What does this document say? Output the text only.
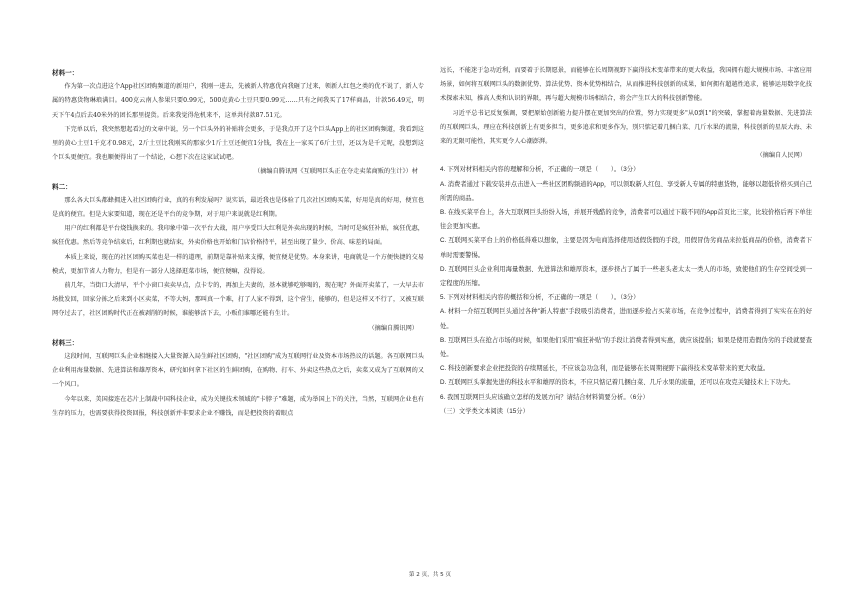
材料一：

作为第一次点进这个App社区团购频道的新用户，我刚一进去，先被新人特惠优向我砸了过来，领新人红包之类的优不说了，新人专属的特惠货物琳琅满目。400克云南人参果只要0.99元，500克黄心土豆只要0.99元……只有之间我买了17样商品，计款56.49元，明天下午4点后去40米外的团长那里提货。后来我觉得危机来不，这单共付款87.51元。

下完单以后，我突然想起看过的文章中说，另一个巨头外的补贴将会更多，于是我点开了这个巨头App上的社区团购频道，我看到这里的黄心土豆1千克才0.98元，2斤土豆比我刚买的那家少1斤土豆还便宜1分钱，我在上一家买了6斤土豆，还以为是千元呢，没想到这个巨头更便宜。我也顺便得出了一个结论，心想下次在这家试试吧。

（摘编自腾讯网《互联网巨头正在夺走卖菜商贩的生计》）材

料二：

那么各大巨头都蜂拥进入社区团购行业，真的有利发展吗？说实话，最近我也是体验了几次社区团购买菜，好用是真的好用，便宜也是真的便宜。但是大家要知道，现在还是平台的竞争期，对于用户来说就是红利期。

用户的红利都是平台烧钱换来的。我印象中第一次平台大战，用户享受巨大红利是外卖出现的时候，当时可是疯狂补贴，疯狂优惠，疯狂优惠。然后等竞争结束后，红利期也就结束，外卖价格也开始和门店价格持平，甚至出现了量少、价高、味差的局面。

本质上来说，现在的社区团购买菜也是一样的道理，前期是靠补贴来支撑，便宜便是优势。本身来讲，电商就是一个方便快捷的交易模式，更加节省人力物力，但是有一部分人选择逛菜市场，便宜便嘛，没得说。

前几年，当街口大清早，平个小窗口卖卖早点，点卡专的，再加上夫妻的，基本就够吃够喝的，现在呢？外面开卖菜了，一大早去市场批发回，回家分拣之后来到小区卖菜，不等大妈，那叫真一个难，打了人家不得到，这个营生，能够的，但是这样又不行了，又被互联网夺过去了，社区团购时代正在被剥削的时候，谁能够活下去，小贩们谁哪还能有生计。

（摘编自腾讯网）

材料三：

这段时间，互联网巨头企业相继接入大量资源入局生鲜社区团购，"社区团购"成为互联网行业及资本市场热议的话题。各互联网巨头企业利用海量数据、先进算法和雄厚资本，研究如何拿下社区的生鲜团购，在购物、打车、外卖这些热点之后，卖菜又成为了互联网的又一个风口。

今年以来，美国接连在芯片上制裁中国科技企业，成为关键技术领域的"卡脖子"难题，成为举国上下的关注，当然，互联网企业也有生存的压力，也需要获得投资回报，科技创新并非要求企业不赚钱，而是把投资的着眼点

远长，不能迷于急功近利，而要着于长期愿景，而能够在长周期视野下赢得技术变革带来的更大收益，我国拥有超大规模市场、丰富应用场景，如何将互联网巨头的数据优势、算法优势、资本优势相结合，从而推进科技创新的成果，如何拥有超越性追求，能够运用数字化技术探索未知，推高人类和认识的界限，再与超大规模市场相结合，将会产生巨大的科技创新警能。

习近平总书记反复强调，要把原始创新能力提升摆在更加突出的位置，努力实现更多"从0到1"的突破，掌握着海量数据、先进算法的互联网巨头，理应在科技创新上有更多担当，更多追求和更多作为，别只惦记着几捆白菜、几斤水果的流量，科技创新的星辰大海、未来的无限可能性，其实更令人心潮澎湃。

（摘编自人民网）

4. 下列对材料相关内容的理解和分析，不正确的一项是（　　）。（3分）

A. 消费者通过下载安装并点击进入一些社区团购频道的App，可以领取新人红包、享受新人专属的特惠货物，能够以超低价格买到自己所需的商品。

B. 在线买菜平台上，各大互联网巨头纷纷入场，并展开残酷的竞争，消费者可以通过下载不同的App首页比三家，比较价格后再下单往往会更加实惠。

C. 互联网买菜平台上的价格低得难以想象，主要是因为电商选择使用适假货假的手段，用假冒伪劣商品来拉低商品的价格，消费者下单时需要警惕。

D. 互联网巨头企业利用海量数据、先进算法和雄厚资本，逐步挤占了属于一些老头老太太一类人的市场，致使他们的生存空间受到一定程度的压缩。

5. 下列对材料相关内容的概括和分析，不正确的一项是（　　）。（3分）

A. 材料一介绍互联网巨头通过各种"新人特惠"手段吸引消费者，进而逐步抢占买菜市场，在竞争过程中，消费者得到了实实在在的好处。

B. 互联网巨头在抢占市场的时候，如果他们采用"疯狂补贴"的手段让消费者得到实惠，就应该提倡；如果是使用造假伪劣的手段就要查处。

C. 科技创新要求企业把投资的存续期延长，不应该急功急利，而是能够在长周期视野下赢得技术变革带来的更大收益。

D. 互联网巨头掌握先进的科技水平和雄厚的资本，不应只惦记着几捆白菜、几斤水果的流量，还可以在攻克关键技术上下功夫。

6. 我国互联网巨头应该确立怎样的发展方向？请结合材料简要分析。（6分）

（三）文学类文本阅读（15分）

第 2 页，共 5 页
